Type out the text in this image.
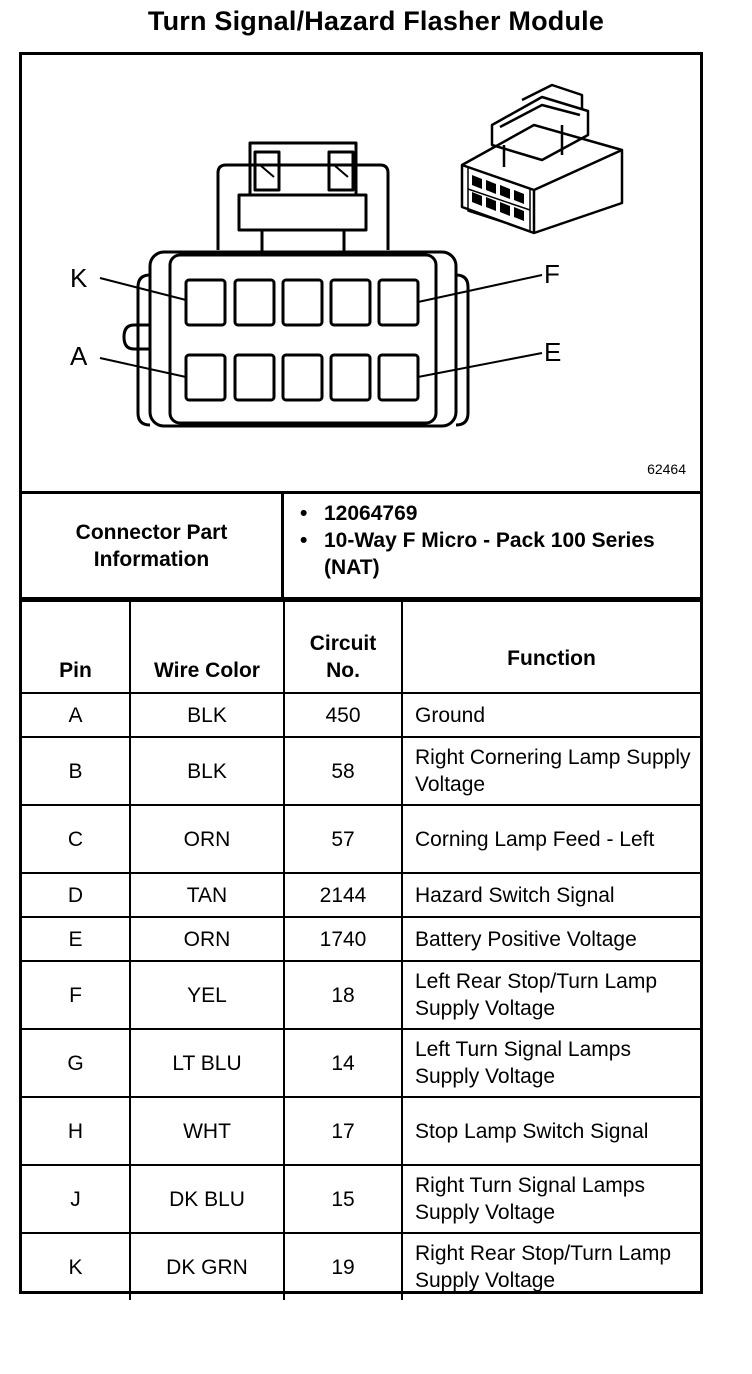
Turn Signal/Hazard Flasher Module
K
A
F
E
62464
Connector Part Information
• 12064769
• 10-Way F Micro - Pack 100 Series (NAT)
Pin	Wire Color	Circuit No.	Function
A	BLK	450	Ground
B	BLK	58	Right Cornering Lamp Supply Voltage
C	ORN	57	Corning Lamp Feed - Left
D	TAN	2144	Hazard Switch Signal
E	ORN	1740	Battery Positive Voltage
F	YEL	18	Left Rear Stop/Turn Lamp Supply Voltage
G	LT BLU	14	Left Turn Signal Lamps Supply Voltage
H	WHT	17	Stop Lamp Switch Signal
J	DK BLU	15	Right Turn Signal Lamps Supply Voltage
K	DK GRN	19	Right Rear Stop/Turn Lamp Supply Voltage
